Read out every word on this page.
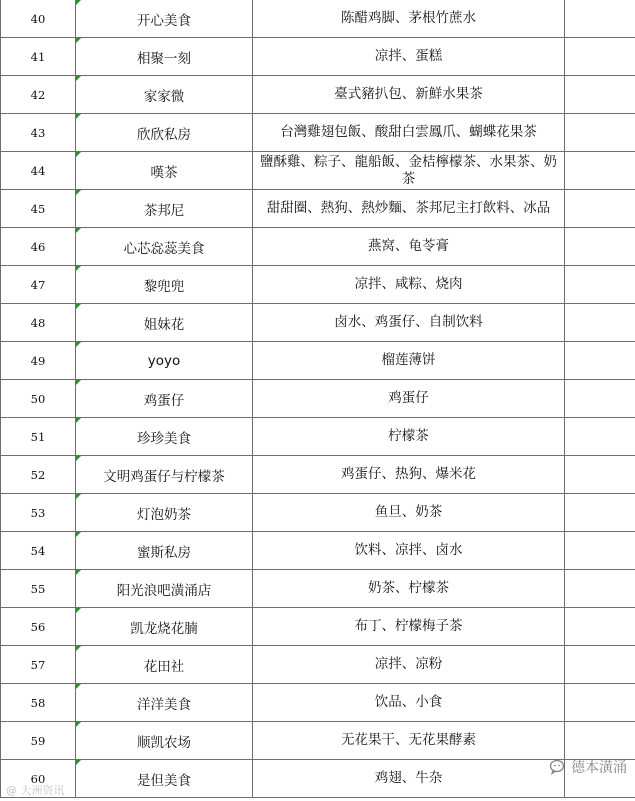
40	开心美食	陈醋鸡脚、茅根竹蔗水	
41	相聚一刻	凉拌、蛋糕	
42	家家微	臺式豬扒包、新鮮水果茶	
43	欣欣私房	台灣雞翅包飯、酸甜白雲鳳爪、蝴蝶花果茶	
44	嘆茶	鹽酥雞、粽子、龍船飯、金桔檸檬茶、水果茶、奶茶	
45	茶邦尼	甜甜圈、熱狗、熱炒麵、茶邦尼主打飲料、冰品	
46	心芯惢蕊美食	燕窝、龟苓膏	
47	黎兜兜	凉拌、咸粽、烧肉	
48	姐妹花	卤水、鸡蛋仔、自制饮料	
49	yoyo	榴莲薄饼	
50	鸡蛋仔	鸡蛋仔	
51	珍珍美食	柠檬茶	
52	文明鸡蛋仔与柠檬茶	鸡蛋仔、热狗、爆米花	
53	灯泡奶茶	鱼旦、奶茶	
54	蜜斯私房	饮料、凉拌、卤水	
55	阳光浪吧潢涌店	奶茶、柠檬茶	
56	凯龙烧花腩	布丁、柠檬梅子茶	
57	花田社	凉拌、凉粉	
58	洋洋美食	饮品、小食	
59	顺凯农场	无花果干、无花果酵素	
60	是但美食	鸡翅、牛杂	
@ 大洲资讯
德本潢涌
